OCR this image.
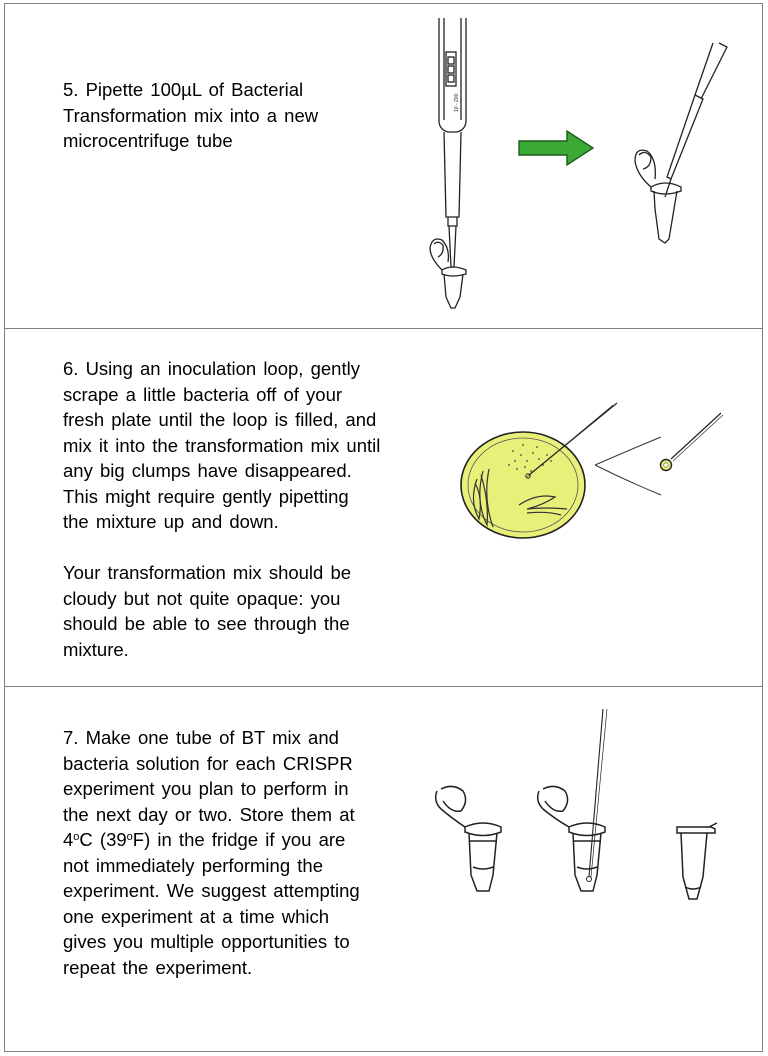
5. Pipette 100µL of Bacterial

Transformation mix into a new

microcentrifuge tube

10 - 200

6. Using an inoculation loop, gently

scrape a little bacteria off of your

fresh plate until the loop is filled, and

mix it into the transformation mix until

any big clumps have disappeared.

This might require gently pipetting

the mixture up and down.

Your transformation mix should be

cloudy but not quite opaque: you

should be able to see through the

mixture.

7. Make one tube of BT mix and

bacteria solution for each CRISPR

experiment you plan to perform in

the next day or two. Store them at

4$^o$C (39$^o$F) in the fridge if you are

not immediately performing the

experiment. We suggest attempting

one experiment at a time which

gives you multiple opportunities to

repeat the experiment.
